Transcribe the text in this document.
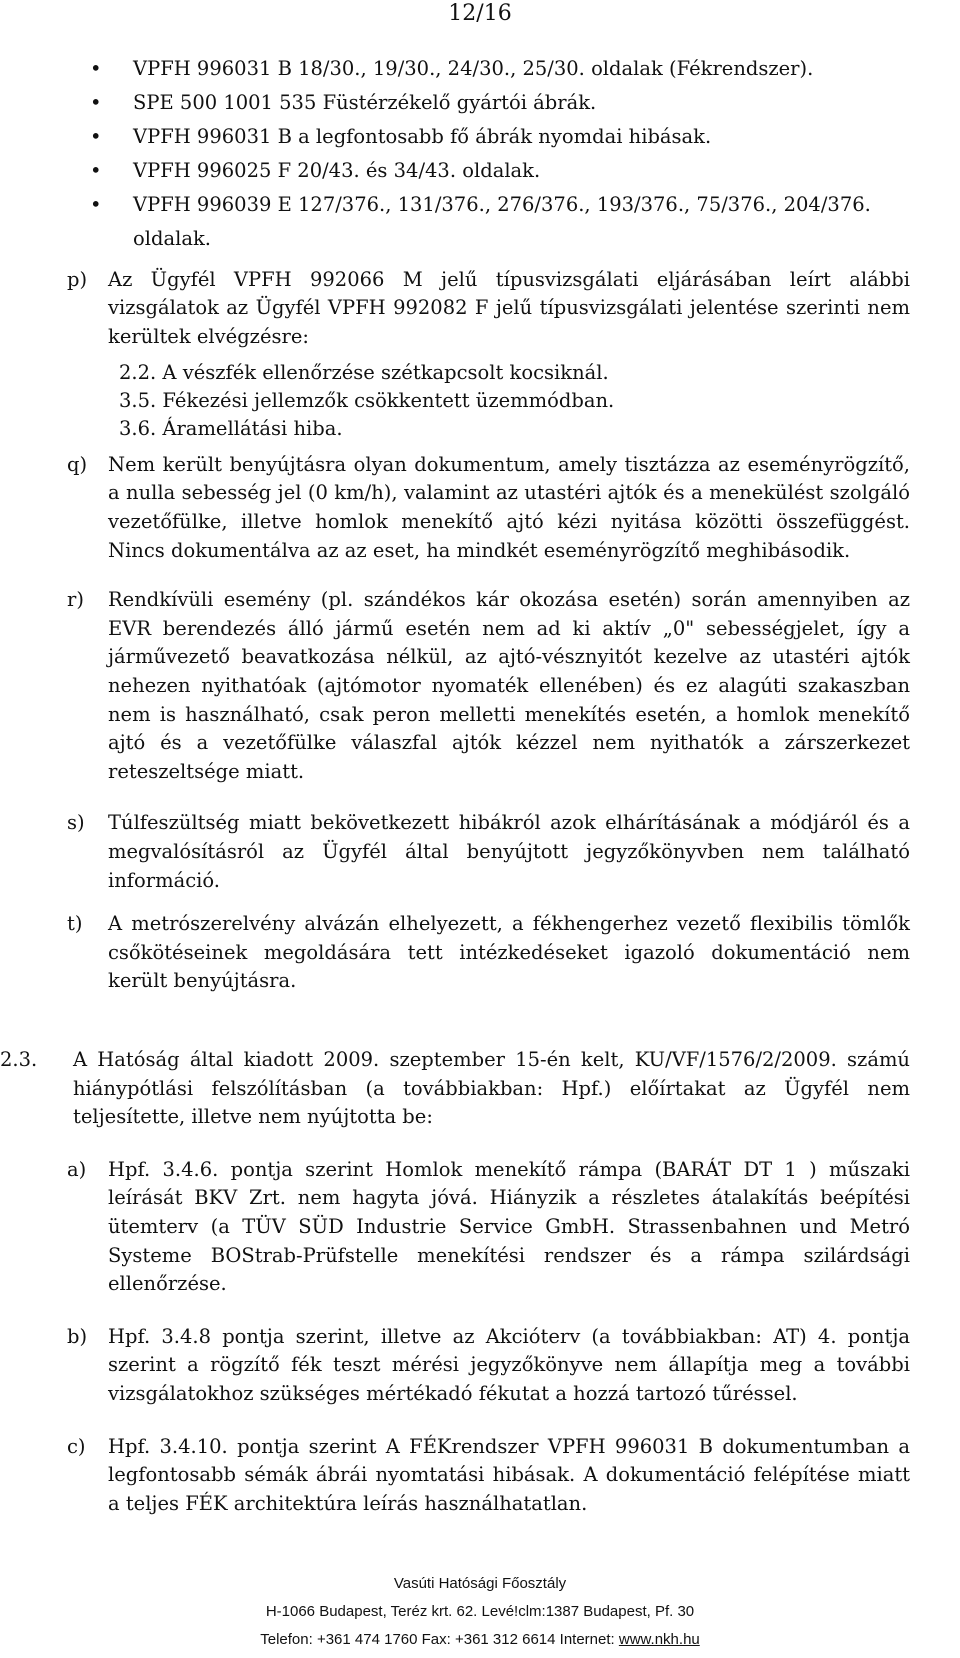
12/16
• VPFH 996031 B 18/30., 19/30., 24/30., 25/30. oldalak (Fékrendszer).
• SPE 500 1001 535 Füstérzékelő gyártói ábrák.
• VPFH 996031 B a legfontosabb fő ábrák nyomdai hibásak.
• VPFH 996025 F 20/43. és 34/43. oldalak.
• VPFH 996039 E 127/376., 131/376., 276/376., 193/376., 75/376., 204/376. oldalak.
p) Az Ügyfél VPFH 992066 M jelű típusvizsgálati eljárásában leírt alábbi vizsgálatok az Ügyfél VPFH 992082 F jelű típusvizsgálati jelentése szerinti nem kerültek elvégzésre:

2.2. A vészfék ellenőrzése szétkapcsolt kocsiknál.
3.5. Fékezési jellemzők csökkentett üzemmódban.
3.6. Áramellátási hiba.
q) Nem került benyújtásra olyan dokumentum, amely tisztázza az eseményrögzítő, a nulla sebesség jel (0 km/h), valamint az utastéri ajtók és a menekülést szolgáló vezetőfülke, illetve homlok menekítő ajtó kézi nyitása közötti összefüggést. Nincs dokumentálva az az eset, ha mindkét eseményrögzítő meghibásodik.

r) Rendkívüli esemény (pl. szándékos kár okozása esetén) során amennyiben az EVR berendezés álló jármű esetén nem ad ki aktív „0" sebességjelet, így a járművezető beavatkozása nélkül, az ajtó-vésznyitót kezelve az utastéri ajtók nehezen nyithatóak (ajtómotor nyomaték ellenében) és ez alagúti szakaszban nem is használható, csak peron melletti menekítés esetén, a homlok menekítő ajtó és a vezetőfülke válaszfal ajtók kézzel nem nyithatók a zárszerkezet reteszeltsége miatt.

s) Túlfeszültség miatt bekövetkezett hibákról azok elhárításának a módjáról és a megvalósításról az Ügyfél által benyújtott jegyzőkönyvben nem található információ.

t) A metrószerelvény alvázán elhelyezett, a fékhengerhez vezető flexibilis tömlők csőkötéseinek megoldására tett intézkedéseket igazoló dokumentáció nem került benyújtásra.

2.3. A Hatóság által kiadott 2009. szeptember 15-én kelt, KU/VF/1576/2/2009. számú hiánypótlási felszólításban (a továbbiakban: Hpf.) előírtakat az Ügyfél nem teljesítette, illetve nem nyújtotta be:

a) Hpf. 3.4.6. pontja szerint Homlok menekítő rámpa (BARÁT DT 1 ) műszaki leírását BKV Zrt. nem hagyta jóvá. Hiányzik a részletes átalakítás beépítési ütemterv (a TÜV SÜD Industrie Service GmbH. Strassenbahnen und Metró Systeme BOStrab-Prüfstelle menekítési rendszer és a rámpa szilárdsági ellenőrzése.

b) Hpf. 3.4.8 pontja szerint, illetve az Akcióterv (a továbbiakban: AT) 4. pontja szerint a rögzítő fék teszt mérési jegyzőkönyve nem állapítja meg a további vizsgálatokhoz szükséges mértékadó fékutat a hozzá tartozó tűréssel.

c) Hpf. 3.4.10. pontja szerint A FÉKrendszer VPFH 996031 B dokumentumban a legfontosabb sémák ábrái nyomtatási hibásak. A dokumentáció felépítése miatt a teljes FÉK architektúra leírás használhatatlan.

Vasúti Hatósági Főosztály
H-1066 Budapest, Teréz krt. 62. Levé!clm:1387 Budapest, Pf. 30
Telefon: +361 474 1760 Fax: +361 312 6614 Internet: www.nkh.hu
